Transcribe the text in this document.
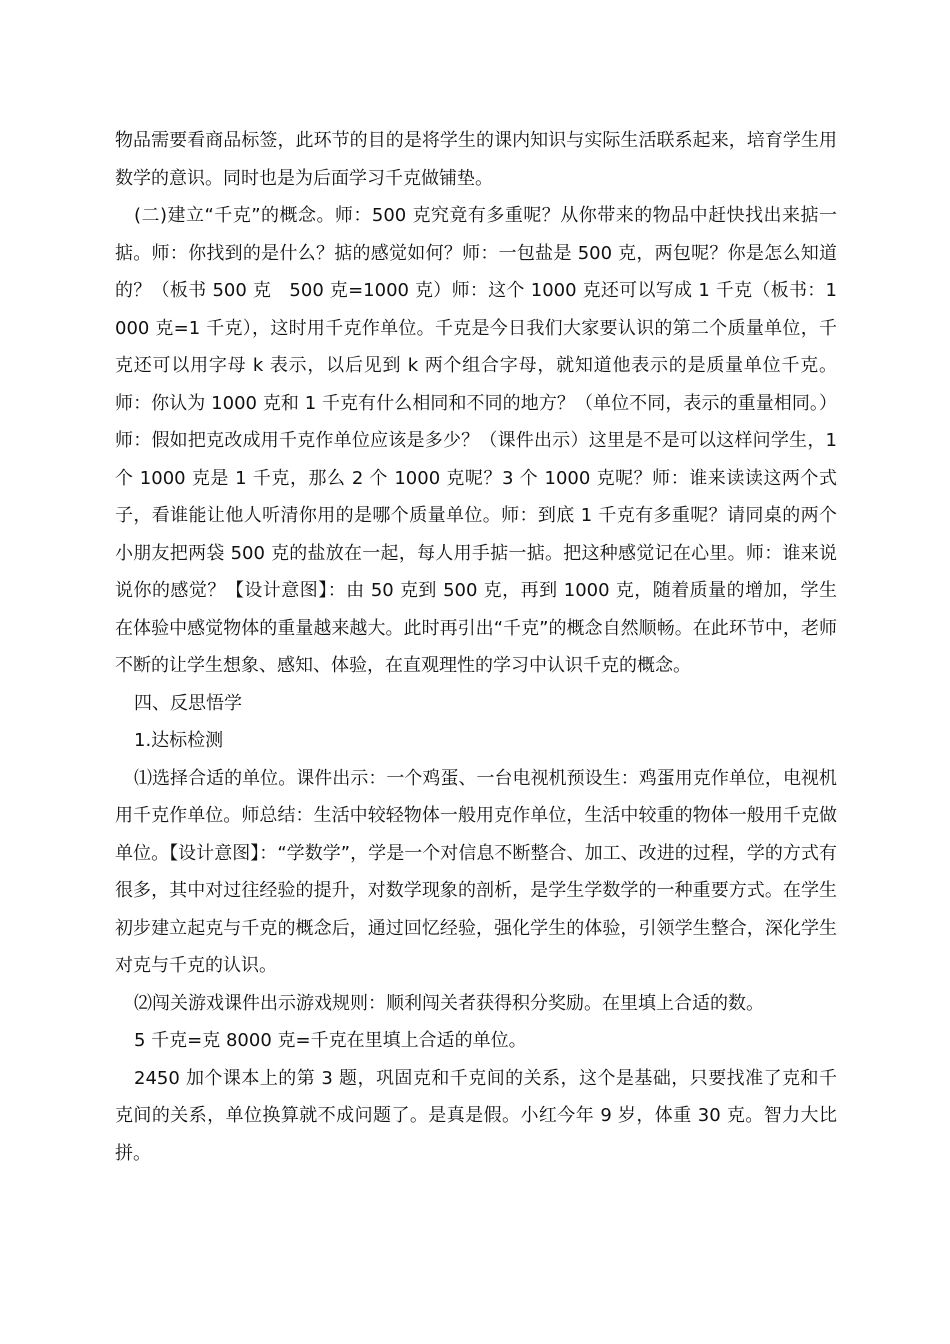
物品需要看商品标签，此环节的目的是将学生的课内知识与实际生活联系起来，培育学生用数学的意识。同时也是为后面学习千克做铺垫。

(二)建立“千克”的概念。师：500 克究竟有多重呢？从你带来的物品中赶快找出来掂一掂。师：你找到的是什么？掂的感觉如何？师：一包盐是 500 克，两包呢？你是怎么知道的？（板书 500 克　500 克=1000 克）师：这个 1000 克还可以写成 1 千克（板书：1000 克=1 千克），这时用千克作单位。千克是今日我们大家要认识的第二个质量单位，千克还可以用字母 k 表示，以后见到 k 两个组合字母，就知道他表示的是质量单位千克。师：你认为 1000 克和 1 千克有什么相同和不同的地方？（单位不同，表示的重量相同。）师：假如把克改成用千克作单位应该是多少？（课件出示）这里是不是可以这样问学生，1 个 1000 克是 1 千克，那么 2 个 1000 克呢？3 个 1000 克呢？师：谁来读读这两个式子，看谁能让他人听清你用的是哪个质量单位。师：到底 1 千克有多重呢？请同桌的两个小朋友把两袋 500 克的盐放在一起，每人用手掂一掂。把这种感觉记在心里。师：谁来说说你的感觉？【设计意图】：由 50 克到 500 克，再到 1000 克，随着质量的增加，学生在体验中感觉物体的重量越来越大。此时再引出“千克”的概念自然顺畅。在此环节中，老师不断的让学生想象、感知、体验，在直观理性的学习中认识千克的概念。

四、反思悟学

1.达标检测

⑴选择合适的单位。课件出示：一个鸡蛋、一台电视机预设生：鸡蛋用克作单位，电视机用千克作单位。师总结：生活中较轻物体一般用克作单位，生活中较重的物体一般用千克做单位。【设计意图】：“学数学”，学是一个对信息不断整合、加工、改进的过程，学的方式有很多，其中对过往经验的提升，对数学现象的剖析，是学生学数学的一种重要方式。在学生初步建立起克与千克的概念后，通过回忆经验，强化学生的体验，引领学生整合，深化学生对克与千克的认识。

⑵闯关游戏课件出示游戏规则：顺利闯关者获得积分奖励。在里填上合适的数。

5 千克=克 8000 克=千克在里填上合适的单位。

2450 加个课本上的第 3 题，巩固克和千克间的关系，这个是基础，只要找准了克和千克间的关系，单位换算就不成问题了。是真是假。小红今年 9 岁，体重 30 克。智力大比拼。
